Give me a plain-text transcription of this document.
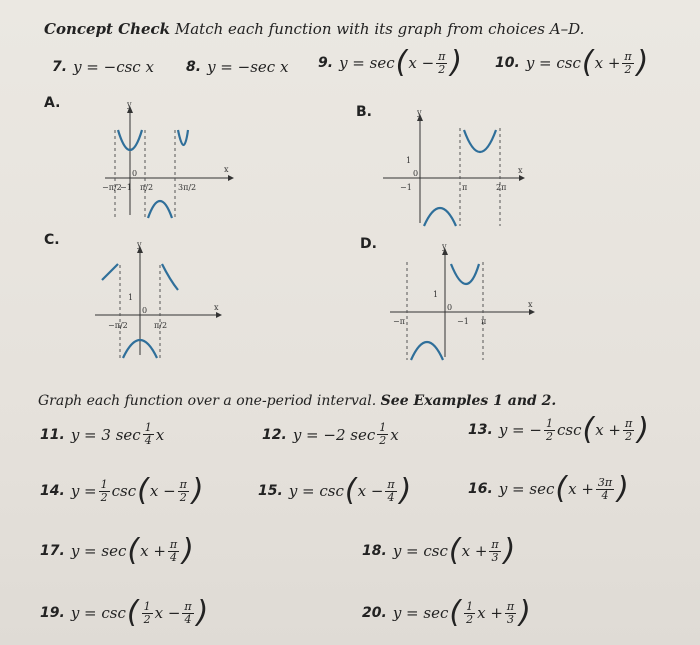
Concept Check Match each function with its graph from choices A–D.
7. y = −csc x 8. y = −sec x 9. y = sec ( $x - \frac{\pi}{2}$ ) 10. y = csc ( $x + \frac{\pi}{2}$ )
A.
B.
C.	D.
y
x
−π/2
−1
0
π/2	3π/2
y
x
1
−1
0
π	2π
y
x
1
−π/2
0
π/2
y
x
1
−π
0
−1 π
Graph each function over a one-period interval. See Examples 1 and 2.
11. y = 3 $\sec \frac{1}{4}$ x	12. y = −2 $\sec \frac{1}{2}$ x	13. y = − $\frac{1}{2}$ csc ( $x + \frac{\pi}{2}$ )
14. $y = \frac{1}{2}$ csc ( $x - \frac{\pi}{2}$ )	15. y = csc ( $x - \frac{\pi}{4}$ )	16. y = sec ( $x + \frac{3\pi}{4}$ )
17. y = sec ( $x + \frac{\pi}{4}$ )	18. y = csc ( $x + \frac{\pi}{3}$ )
19. y = csc ( $\frac{1}{2}$ $x - \frac{\pi}{4}$ )	20. y = sec ( $\frac{1}{2}$ $x + \frac{\pi}{3}$ )
